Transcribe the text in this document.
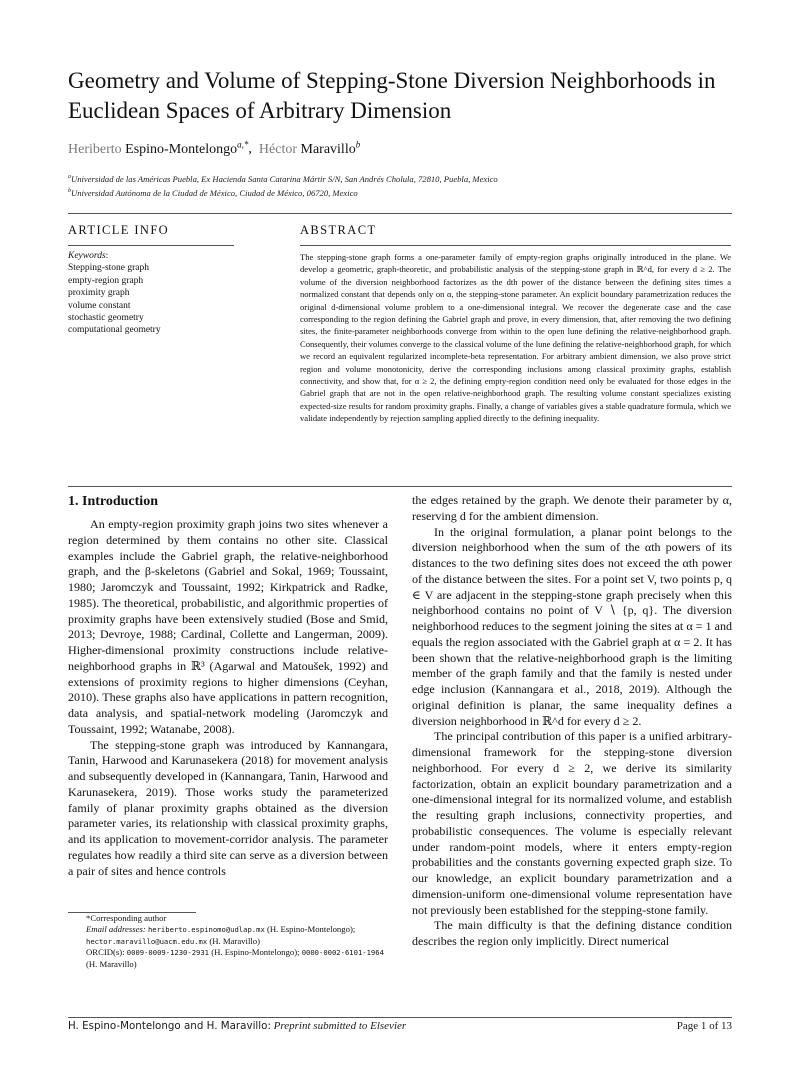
Geometry and Volume of Stepping-Stone Diversion Neighborhoods in Euclidean Spaces of Arbitrary Dimension
Heriberto Espino-Montelongo$^{a,*}$,  Héctor Maravillo$^b$
$^a$Universidad de las Américas Puebla, Ex Hacienda Santa Catarina Mártir S/N, San Andrés Cholula, 72810, Puebla, Mexico
$^b$Universidad Autónoma de la Ciudad de México, Ciudad de México, 06720, Mexico
ARTICLE INFO	ABSTRACT
Keywords:
Stepping-stone graph
empty-region graph
proximity graph
volume constant
stochastic geometry
computational geometry
The stepping-stone graph forms a one-parameter family of empty-region graphs originally introduced in the plane. We develop a geometric, graph-theoretic, and probabilistic analysis of the stepping-stone graph in ℝ^d, for every d ≥ 2. The volume of the diversion neighborhood factorizes as the dth power of the distance between the defining sites times a normalized constant that depends only on α, the stepping-stone parameter. An explicit boundary parametrization reduces the original d-dimensional volume problem to a one-dimensional integral. We recover the degenerate case and the case corresponding to the region defining the Gabriel graph and prove, in every dimension, that, after removing the two defining sites, the finite-parameter neighborhoods converge from within to the open lune defining the relative-neighborhood graph. Consequently, their volumes converge to the classical volume of the lune defining the relative-neighborhood graph, for which we record an equivalent regularized incomplete-beta representation. For arbitrary ambient dimension, we also prove strict region and volume monotonicity, derive the corresponding inclusions among classical proximity graphs, establish connectivity, and show that, for α ≥ 2, the defining empty-region condition need only be evaluated for those edges in the Gabriel graph that are not in the open relative-neighborhood graph. The resulting volume constant specializes existing expected-size results for random proximity graphs. Finally, a change of variables gives a stable quadrature formula, which we validate independently by rejection sampling applied directly to the defining inequality.
1. Introduction

An empty-region proximity graph joins two sites whenever a region determined by them contains no other site. Classical examples include the Gabriel graph, the relative-neighborhood graph, and the β-skeletons (Gabriel and Sokal, 1969; Toussaint, 1980; Jaromczyk and Toussaint, 1992; Kirkpatrick and Radke, 1985). The theoretical, probabilistic, and algorithmic properties of proximity graphs have been extensively studied (Bose and Smid, 2013; Devroye, 1988; Cardinal, Collette and Langerman, 2009). Higher-dimensional proximity constructions include relative-neighborhood graphs in ℝ³ (Agarwal and Matoušek, 1992) and extensions of proximity regions to higher dimensions (Ceyhan, 2010). These graphs also have applications in pattern recognition, data analysis, and spatial-network modeling (Jaromczyk and Toussaint, 1992; Watanabe, 2008).

The stepping-stone graph was introduced by Kannangara, Tanin, Harwood and Karunasekera (2018) for movement analysis and subsequently developed in (Kannangara, Tanin, Harwood and Karunasekera, 2019). Those works study the parameterized family of planar proximity graphs obtained as the diversion parameter varies, its relationship with classical proximity graphs, and its application to movement-corridor analysis. The parameter regulates how readily a third site can serve as a diversion between a pair of sites and hence controls

the edges retained by the graph. We denote their parameter by α, reserving d for the ambient dimension.

In the original formulation, a planar point belongs to the diversion neighborhood when the sum of the αth powers of its distances to the two defining sites does not exceed the αth power of the distance between the sites. For a point set V, two points p, q ∈ V are adjacent in the stepping-stone graph precisely when this neighborhood contains no point of V ∖ {p, q}. The diversion neighborhood reduces to the segment joining the sites at α = 1 and equals the region associated with the Gabriel graph at α = 2. It has been shown that the relative-neighborhood graph is the limiting member of the graph family and that the family is nested under edge inclusion (Kannangara et al., 2018, 2019). Although the original definition is planar, the same inequality defines a diversion neighborhood in ℝ^d for every d ≥ 2.

The principal contribution of this paper is a unified arbitrary-dimensional framework for the stepping-stone diversion neighborhood. For every d ≥ 2, we derive its similarity factorization, obtain an explicit boundary parametrization and a one-dimensional integral for its normalized volume, and establish the resulting graph inclusions, connectivity properties, and probabilistic consequences. The volume is especially relevant under random-point models, where it enters empty-region probabilities and the constants governing expected graph size. To our knowledge, an explicit boundary parametrization and a dimension-uniform one-dimensional volume representation have not previously been established for the stepping-stone family.

The main difficulty is that the defining distance condition describes the region only implicitly. Direct numerical

*Corresponding author
Email addresses: heriberto.espinomo@udlap.mx (H. Espino-Montelongo); hector.maravillo@uacm.edu.mx (H. Maravillo)
ORCID(s): 0009-0009-1230-2931 (H. Espino-Montelongo); 0000-0002-6101-1964 (H. Maravillo)
H. Espino-Montelongo and H. Maravillo: Preprint submitted to Elsevier	Page 1 of 13
